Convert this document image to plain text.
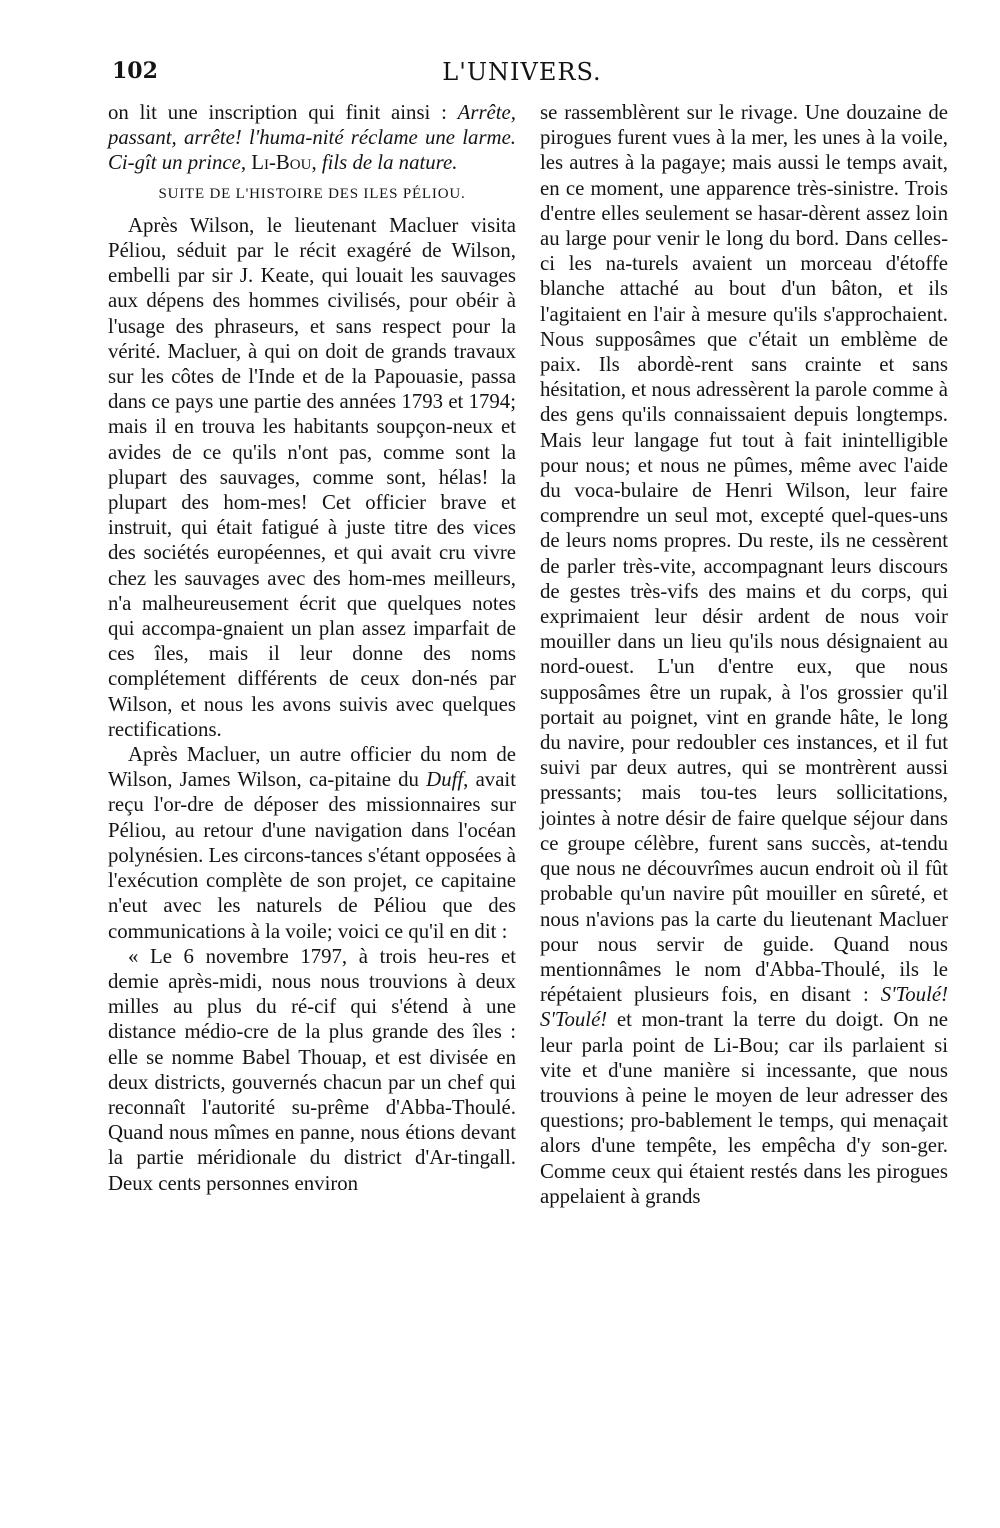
102	L'UNIVERS.

on lit une inscription qui finit ainsi : Arrête, passant, arrête! l'huma-nité réclame une larme. Ci-gît un prince, Li-Bou, fils de la nature.

SUITE DE L'HISTOIRE DES ILES PÉLIOU.

Après Wilson, le lieutenant Macluer visita Péliou, séduit par le récit exagéré de Wilson, embelli par sir J. Keate, qui louait les sauvages aux dépens des hommes civilisés, pour obéir à l'usage des phraseurs, et sans respect pour la vérité. Macluer, à qui on doit de grands travaux sur les côtes de l'Inde et de la Papouasie, passa dans ce pays une partie des années 1793 et 1794; mais il en trouva les habitants soupçon-neux et avides de ce qu'ils n'ont pas, comme sont la plupart des sauvages, comme sont, hélas! la plupart des hom-mes! Cet officier brave et instruit, qui était fatigué à juste titre des vices des sociétés européennes, et qui avait cru vivre chez les sauvages avec des hom-mes meilleurs, n'a malheureusement écrit que quelques notes qui accompa-gnaient un plan assez imparfait de ces îles, mais il leur donne des noms complétement différents de ceux don-nés par Wilson, et nous les avons suivis avec quelques rectifications.

Après Macluer, un autre officier du nom de Wilson, James Wilson, ca-pitaine du Duff, avait reçu l'or-dre de déposer des missionnaires sur Péliou, au retour d'une navigation dans l'océan polynésien. Les circons-tances s'étant opposées à l'exécution complète de son projet, ce capitaine n'eut avec les naturels de Péliou que des communications à la voile; voici ce qu'il en dit :

« Le 6 novembre 1797, à trois heu-res et demie après-midi, nous nous trouvions à deux milles au plus du ré-cif qui s'étend à une distance médio-cre de la plus grande des îles : elle se nomme Babel Thouap, et est divisée en deux districts, gouvernés chacun par un chef qui reconnaît l'autorité su-prême d'Abba-Thoulé. Quand nous mîmes en panne, nous étions devant la partie méridionale du district d'Ar-tingall. Deux cents personnes environ

se rassemblèrent sur le rivage. Une douzaine de pirogues furent vues à la mer, les unes à la voile, les autres à la pagaye; mais aussi le temps avait, en ce moment, une apparence très-sinistre. Trois d'entre elles seulement se hasar-dèrent assez loin au large pour venir le long du bord. Dans celles-ci les na-turels avaient un morceau d'étoffe blanche attaché au bout d'un bâton, et ils l'agitaient en l'air à mesure qu'ils s'approchaient. Nous supposâmes que c'était un emblème de paix. Ils abordè-rent sans crainte et sans hésitation, et nous adressèrent la parole comme à des gens qu'ils connaissaient depuis longtemps. Mais leur langage fut tout à fait inintelligible pour nous; et nous ne pûmes, même avec l'aide du voca-bulaire de Henri Wilson, leur faire comprendre un seul mot, excepté quel-ques-uns de leurs noms propres. Du reste, ils ne cessèrent de parler très-vite, accompagnant leurs discours de gestes très-vifs des mains et du corps, qui exprimaient leur désir ardent de nous voir mouiller dans un lieu qu'ils nous désignaient au nord-ouest. L'un d'entre eux, que nous supposâmes être un rupak, à l'os grossier qu'il portait au poignet, vint en grande hâte, le long du navire, pour redoubler ces instances, et il fut suivi par deux autres, qui se montrèrent aussi pressants; mais tou-tes leurs sollicitations, jointes à notre désir de faire quelque séjour dans ce groupe célèbre, furent sans succès, at-tendu que nous ne découvrîmes aucun endroit où il fût probable qu'un navire pût mouiller en sûreté, et nous n'avions pas la carte du lieutenant Macluer pour nous servir de guide. Quand nous mentionnâmes le nom d'Abba-Thoulé, ils le répétaient plusieurs fois, en disant : S'Toulé! S'Toulé! et mon-trant la terre du doigt. On ne leur parla point de Li-Bou; car ils parlaient si vite et d'une manière si incessante, que nous trouvions à peine le moyen de leur adresser des questions; pro-bablement le temps, qui menaçait alors d'une tempête, les empêcha d'y son-ger. Comme ceux qui étaient restés dans les pirogues appelaient à grands
